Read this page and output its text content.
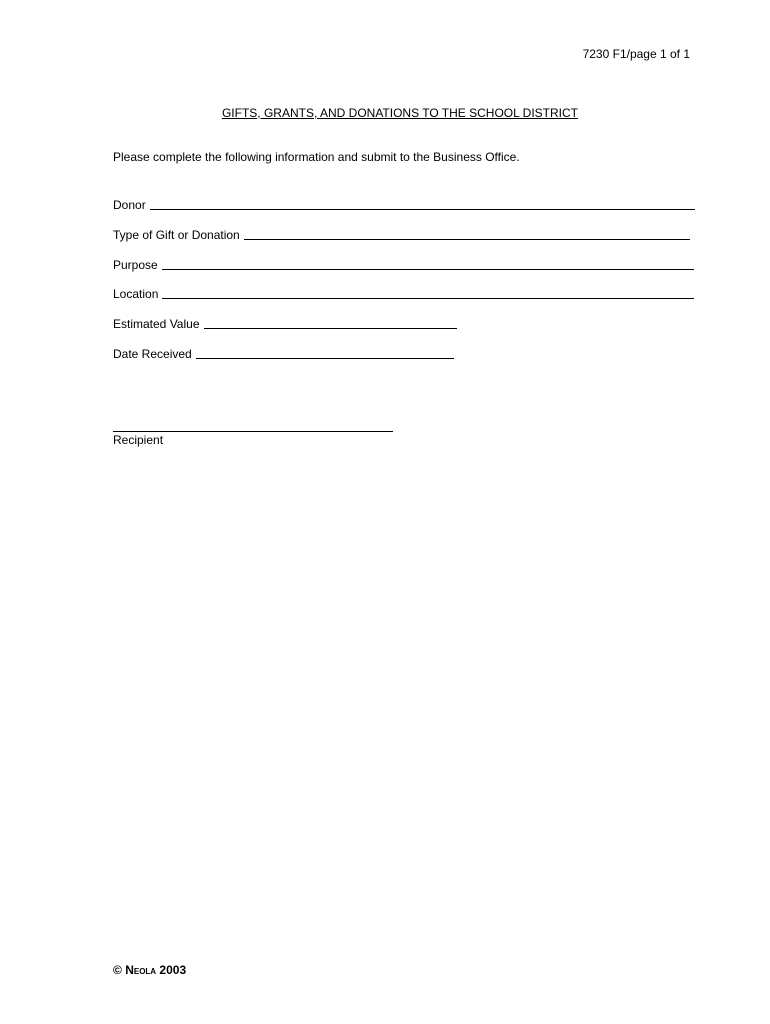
7230 F1/page 1 of 1
GIFTS, GRANTS, AND DONATIONS TO THE SCHOOL DISTRICT
Please complete the following information and submit to the Business Office.
Donor
Type of Gift or Donation
Purpose
Location
Estimated Value
Date Received
Recipient
© Neola 2003
